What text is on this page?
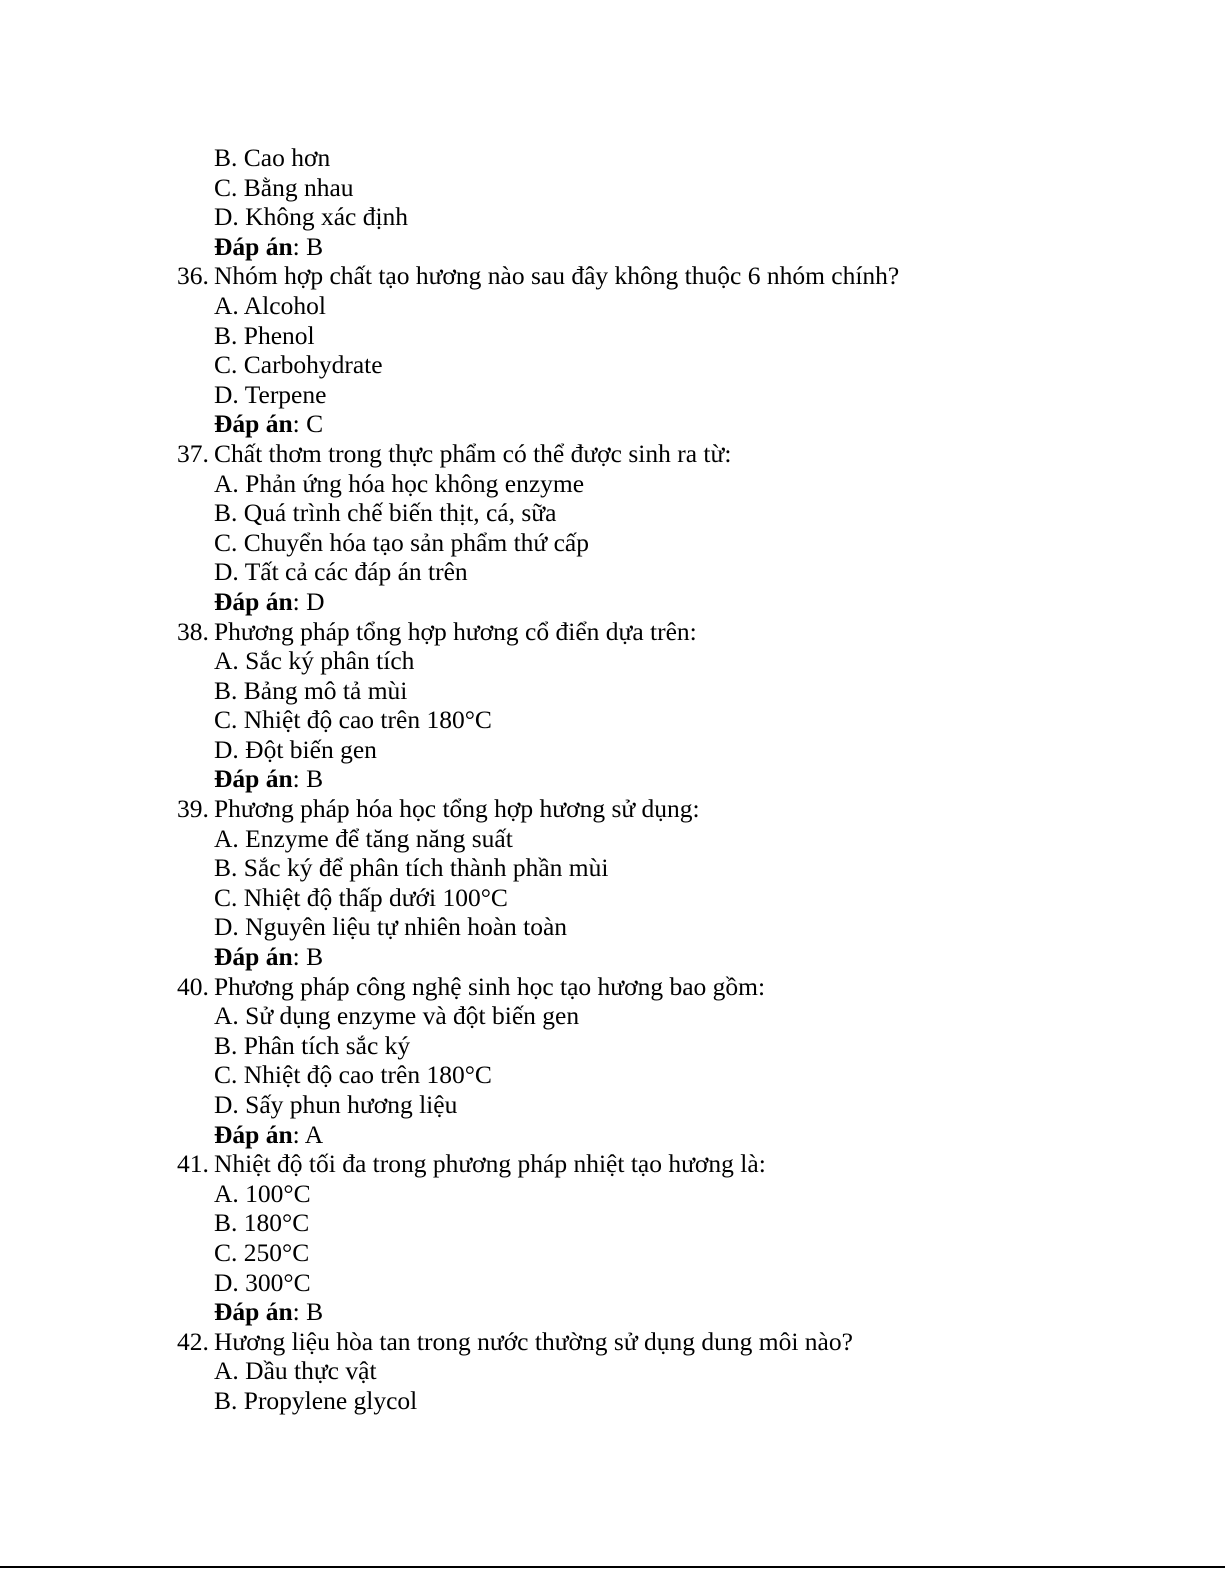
B. Cao hơn
C. Bằng nhau
D. Không xác định
Đáp án: B
36. Nhóm hợp chất tạo hương nào sau đây không thuộc 6 nhóm chính?
A. Alcohol
B. Phenol
C. Carbohydrate
D. Terpene
Đáp án: C
37. Chất thơm trong thực phẩm có thể được sinh ra từ:
A. Phản ứng hóa học không enzyme
B. Quá trình chế biến thịt, cá, sữa
C. Chuyển hóa tạo sản phẩm thứ cấp
D. Tất cả các đáp án trên
Đáp án: D
38. Phương pháp tổng hợp hương cổ điển dựa trên:
A. Sắc ký phân tích
B. Bảng mô tả mùi
C. Nhiệt độ cao trên 180°C
D. Đột biến gen
Đáp án: B
39. Phương pháp hóa học tổng hợp hương sử dụng:
A. Enzyme để tăng năng suất
B. Sắc ký để phân tích thành phần mùi
C. Nhiệt độ thấp dưới 100°C
D. Nguyên liệu tự nhiên hoàn toàn
Đáp án: B
40. Phương pháp công nghệ sinh học tạo hương bao gồm:
A. Sử dụng enzyme và đột biến gen
B. Phân tích sắc ký
C. Nhiệt độ cao trên 180°C
D. Sấy phun hương liệu
Đáp án: A
41. Nhiệt độ tối đa trong phương pháp nhiệt tạo hương là:
A. 100°C
B. 180°C
C. 250°C
D. 300°C
Đáp án: B
42. Hương liệu hòa tan trong nước thường sử dụng dung môi nào?
A. Dầu thực vật
B. Propylene glycol
